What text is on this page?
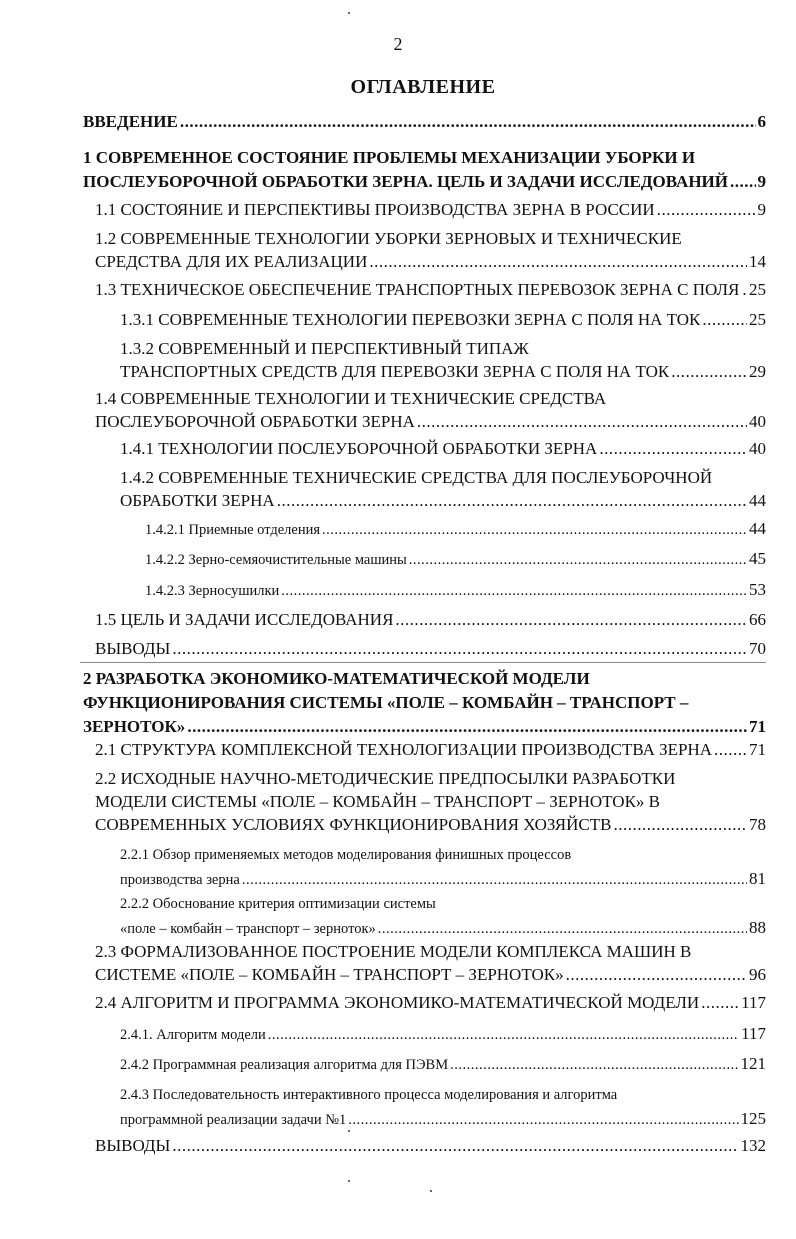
2
ОГЛАВЛЕНИЕ
ВВЕДЕНИЕ .....	6
1 СОВРЕМЕННОЕ СОСТОЯНИЕ ПРОБЛЕМЫ МЕХАНИЗАЦИИ УБОРКИ И
ПОСЛЕУБОРОЧНОЙ ОБРАБОТКИ ЗЕРНА. ЦЕЛЬ И ЗАДАЧИ ИССЛЕДОВАНИЙ ..... 9
1.1 СОСТОЯНИЕ И ПЕРСПЕКТИВЫ ПРОИЗВОДСТВА ЗЕРНА В РОССИИ .....	9
1.2 СОВРЕМЕННЫЕ ТЕХНОЛОГИИ УБОРКИ ЗЕРНОВЫХ И ТЕХНИЧЕСКИЕ
СРЕДСТВА ДЛЯ ИХ РЕАЛИЗАЦИИ .....	14
1.3 ТЕХНИЧЕСКОЕ ОБЕСПЕЧЕНИЕ ТРАНСПОРТНЫХ ПЕРЕВОЗОК ЗЕРНА С ПОЛЯ ..... 25
1.3.1 СОВРЕМЕННЫЕ ТЕХНОЛОГИИ ПЕРЕВОЗКИ ЗЕРНА С ПОЛЯ НА ТОК .....	25
1.3.2 СОВРЕМЕННЫЙ И ПЕРСПЕКТИВНЫЙ ТИПАЖ
ТРАНСПОРТНЫХ СРЕДСТВ ДЛЯ ПЕРЕВОЗКИ ЗЕРНА С ПОЛЯ НА ТОК .....	29
1.4 СОВРЕМЕННЫЕ ТЕХНОЛОГИИ И ТЕХНИЧЕСКИЕ СРЕДСТВА
ПОСЛЕУБОРОЧНОЙ ОБРАБОТКИ ЗЕРНА .....	40
1.4.1 ТЕХНОЛОГИИ ПОСЛЕУБОРОЧНОЙ ОБРАБОТКИ ЗЕРНА .....	40
1.4.2 СОВРЕМЕННЫЕ ТЕХНИЧЕСКИЕ СРЕДСТВА ДЛЯ ПОСЛЕУБОРОЧНОЙ
ОБРАБОТКИ ЗЕРНА .....	44
1.4.2.1 Приемные отделения .....	44
1.4.2.2 Зерно-семяочистительные машины .....	45
1.4.2.3 Зерносушилки .....	53
1.5 ЦЕЛЬ И ЗАДАЧИ ИССЛЕДОВАНИЯ .....	66
ВЫВОДЫ .....	70
2 РАЗРАБОТКА ЭКОНОМИКО-МАТЕМАТИЧЕСКОЙ МОДЕЛИ
ФУНКЦИОНИРОВАНИЯ СИСТЕМЫ «ПОЛЕ – КОМБАЙН – ТРАНСПОРТ –
ЗЕРНОТОК» .....	71
2.1 СТРУКТУРА КОМПЛЕКСНОЙ ТЕХНОЛОГИЗАЦИИ ПРОИЗВОДСТВА ЗЕРНА ..... 71
2.2 ИСХОДНЫЕ НАУЧНО-МЕТОДИЧЕСКИЕ ПРЕДПОСЫЛКИ РАЗРАБОТКИ
МОДЕЛИ СИСТЕМЫ «ПОЛЕ – КОМБАЙН – ТРАНСПОРТ – ЗЕРНОТОК» В
СОВРЕМЕННЫХ УСЛОВИЯХ ФУНКЦИОНИРОВАНИЯ ХОЗЯЙСТВ .....	78
2.2.1 Обзор применяемых методов моделирования финишных процессов
производства зерна .....	81
2.2.2 Обоснование критерия оптимизации системы
«поле – комбайн – транспорт – зерноток» .....	88
2.3 ФОРМАЛИЗОВАННОЕ ПОСТРОЕНИЕ МОДЕЛИ КОМПЛЕКСА МАШИН В
СИСТЕМЕ «ПОЛЕ – КОМБАЙН – ТРАНСПОРТ – ЗЕРНОТОК» .....	96
2.4 АЛГОРИТМ И ПРОГРАММА ЭКОНОМИКО-МАТЕМАТИЧЕСКОЙ МОДЕЛИ ..... 117
2.4.1. Алгоритм модели .....	117
2.4.2 Программная реализация алгоритма для ПЭВМ .....	121
2.4.3 Последовательность интерактивного процесса моделирования и алгоритма
программной реализации задачи №1 .....	125
ВЫВОДЫ .....	132
